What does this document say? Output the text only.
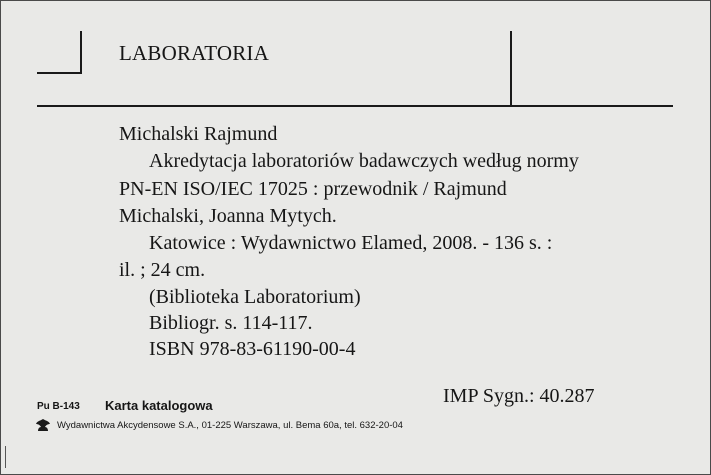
LABORATORIA
Michalski Rajmund
Akredytacja laboratoriów badawczych według normy
PN-EN ISO/IEC 17025 : przewodnik / Rajmund
Michalski, Joanna Mytych.
Katowice : Wydawnictwo Elamed, 2008. - 136 s. :
il. ; 24 cm.
(Biblioteka Laboratorium)
Bibliogr. s. 114-117.
ISBN 978-83-61190-00-4
IMP Sygn.: 40.287
Pu B-143 Karta katalogowa
Wydawnictwa Akcydensowe S.A., 01-225 Warszawa, ul. Bema 60a, tel. 632-20-04
